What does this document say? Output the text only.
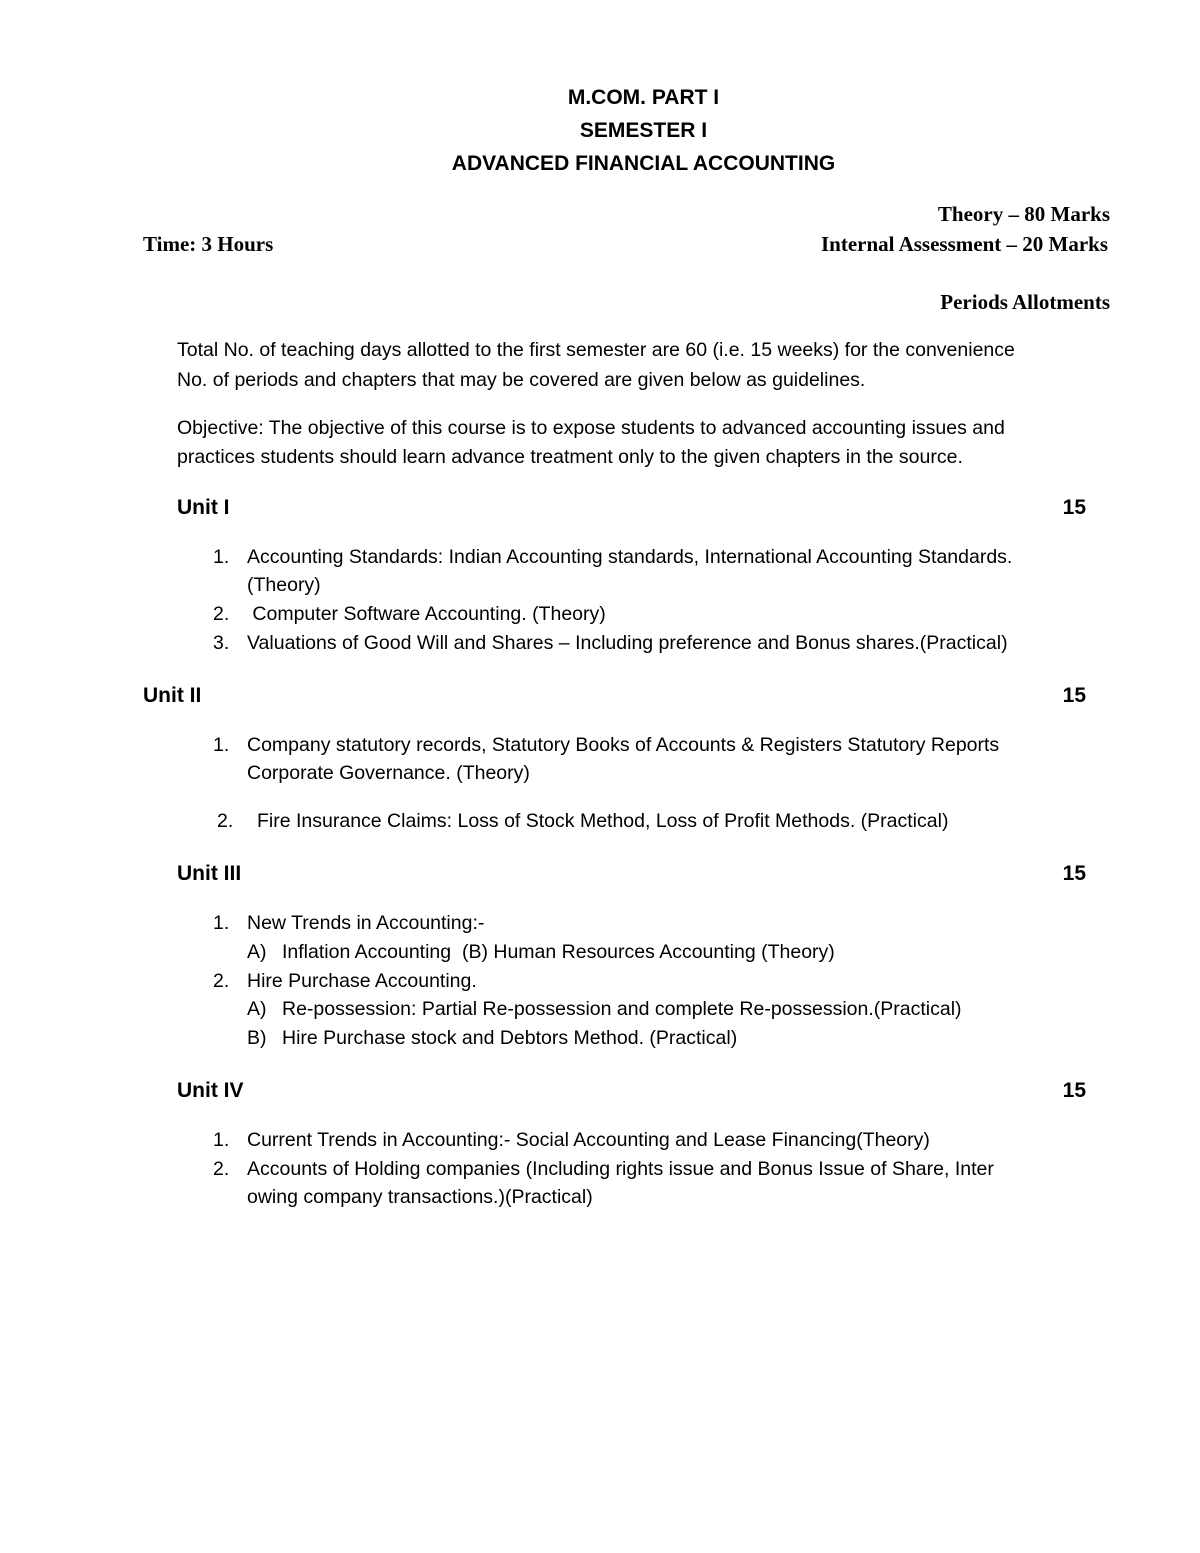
M.COM. PART I
SEMESTER I
ADVANCED FINANCIAL ACCOUNTING
Theory – 80 Marks
Time: 3 Hours	Internal Assessment – 20 Marks
Periods Allotments
Total No. of teaching days allotted to the first semester are 60 (i.e. 15 weeks) for the convenience
No. of periods and chapters that may be covered are given below as guidelines.
Objective: The objective of this course is to expose students to advanced accounting issues and
practices students should learn advance treatment only to the given chapters in the source.
Unit I	15
1. Accounting Standards: Indian Accounting standards, International Accounting Standards.
(Theory)
2. Computer Software Accounting. (Theory)
3. Valuations of Good Will and Shares – Including preference and Bonus shares.(Practical)
Unit II	15
1. Company statutory records, Statutory Books of Accounts & Registers Statutory Reports
Corporate Governance. (Theory)
2. Fire Insurance Claims: Loss of Stock Method, Loss of Profit Methods. (Practical)
Unit III	15
1. New Trends in Accounting:-
A) Inflation Accounting  (B) Human Resources Accounting (Theory)
2. Hire Purchase Accounting.
A) Re-possession: Partial Re-possession and complete Re-possession.(Practical)
B) Hire Purchase stock and Debtors Method. (Practical)
Unit IV	15
1. Current Trends in Accounting:- Social Accounting and Lease Financing(Theory)
2. Accounts of Holding companies (Including rights issue and Bonus Issue of Share, Inter
owing company transactions.)(Practical)
